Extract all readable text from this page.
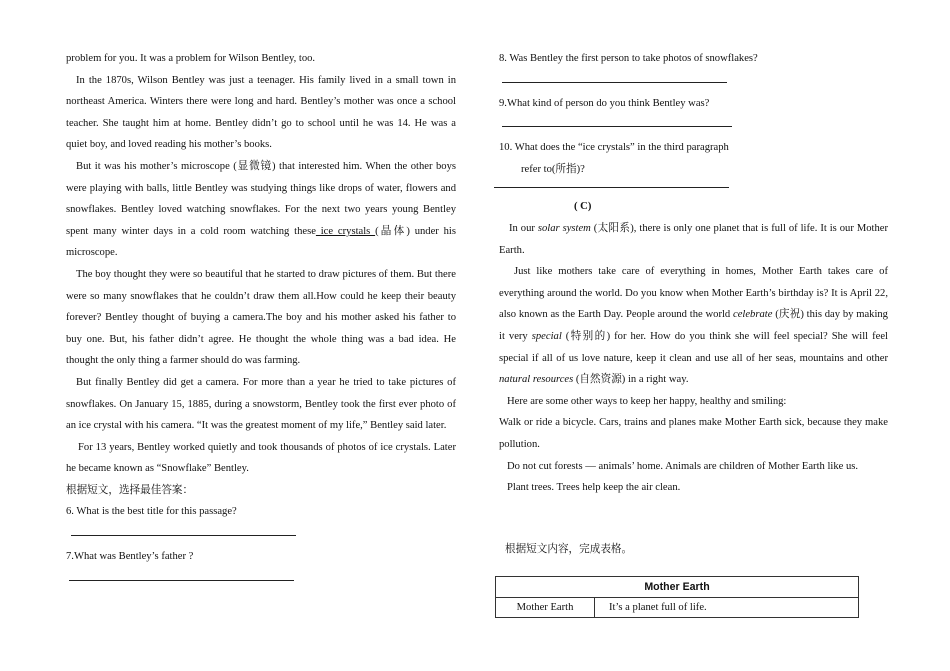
problem for you. It was a problem for Wilson Bentley, too.

In the 1870s, Wilson Bentley was just a teenager. His family lived in a small town in northeast America. Winters there were long and hard. Bentley’s mother was once a school teacher. She taught him at home. Bentley didn’t go to school until he was 14. He was a quiet boy, and loved reading his mother’s books.

But it was his mother’s microscope (显微镜) that interested him. When the other boys were playing with balls, little Bentley was studying things like drops of water, flowers and snowflakes. Bentley loved watching snowflakes. For the next two years young Bentley spent many winter days in a cold room watching these ice crystals (晶体) under his microscope.

The boy thought they were so beautiful that he started to draw pictures of them. But there were so many snowflakes that he couldn’t draw them all.How could he keep their beauty forever? Bentley thought of buying a camera.The boy and his mother asked his father to buy one. But, his father didn’t agree. He thought the whole thing was a bad idea. He thought the only thing a farmer should do was farming.

But finally Bentley did get a camera. For more than a year he tried to take pictures of snowflakes. On January 15, 1885, during a snowstorm, Bentley took the first ever photo of an ice crystal with his camera. “It was the greatest moment of my life,” Bentley said later.

For 13 years, Bentley worked quietly and took thousands of photos of ice crystals. Later he became known as “Snowflake” Bentley.

根据短文，选择最佳答案：

6. What is the best title for this passage?

7.What was Bentley’s father ?

8. Was Bentley the first person to take photos of snowflakes?

9.What kind of person do you think Bentley was?

10. What does the “ice crystals” in the third paragraph

refer to(所指)?

( C)

In our solar system (太阳系), there is only one planet that is full of life. It is our Mother Earth.

Just like mothers take care of everything in homes, Mother Earth takes care of everything around the world. Do you know when Mother Earth’s birthday is? It is April 22, also known as the Earth Day. People around the world celebrate (庆祝) this day by making it very special (特别的) for her. How do you think she will feel special? She will feel special if all of us love nature, keep it clean and use all of her seas, mountains and other natural resources (自然资源) in a right way.

Here are some other ways to keep her happy, healthy and smiling:

Walk or ride a bicycle. Cars, trains and planes make Mother Earth sick, because they make pollution.

Do not cut forests — animals’ home. Animals are children of Mother Earth like us.

Plant trees. Trees help keep the air clean.

根据短文内容，完成表格。

Mother Earth
Mother Earth	It’s a planet full of life.
